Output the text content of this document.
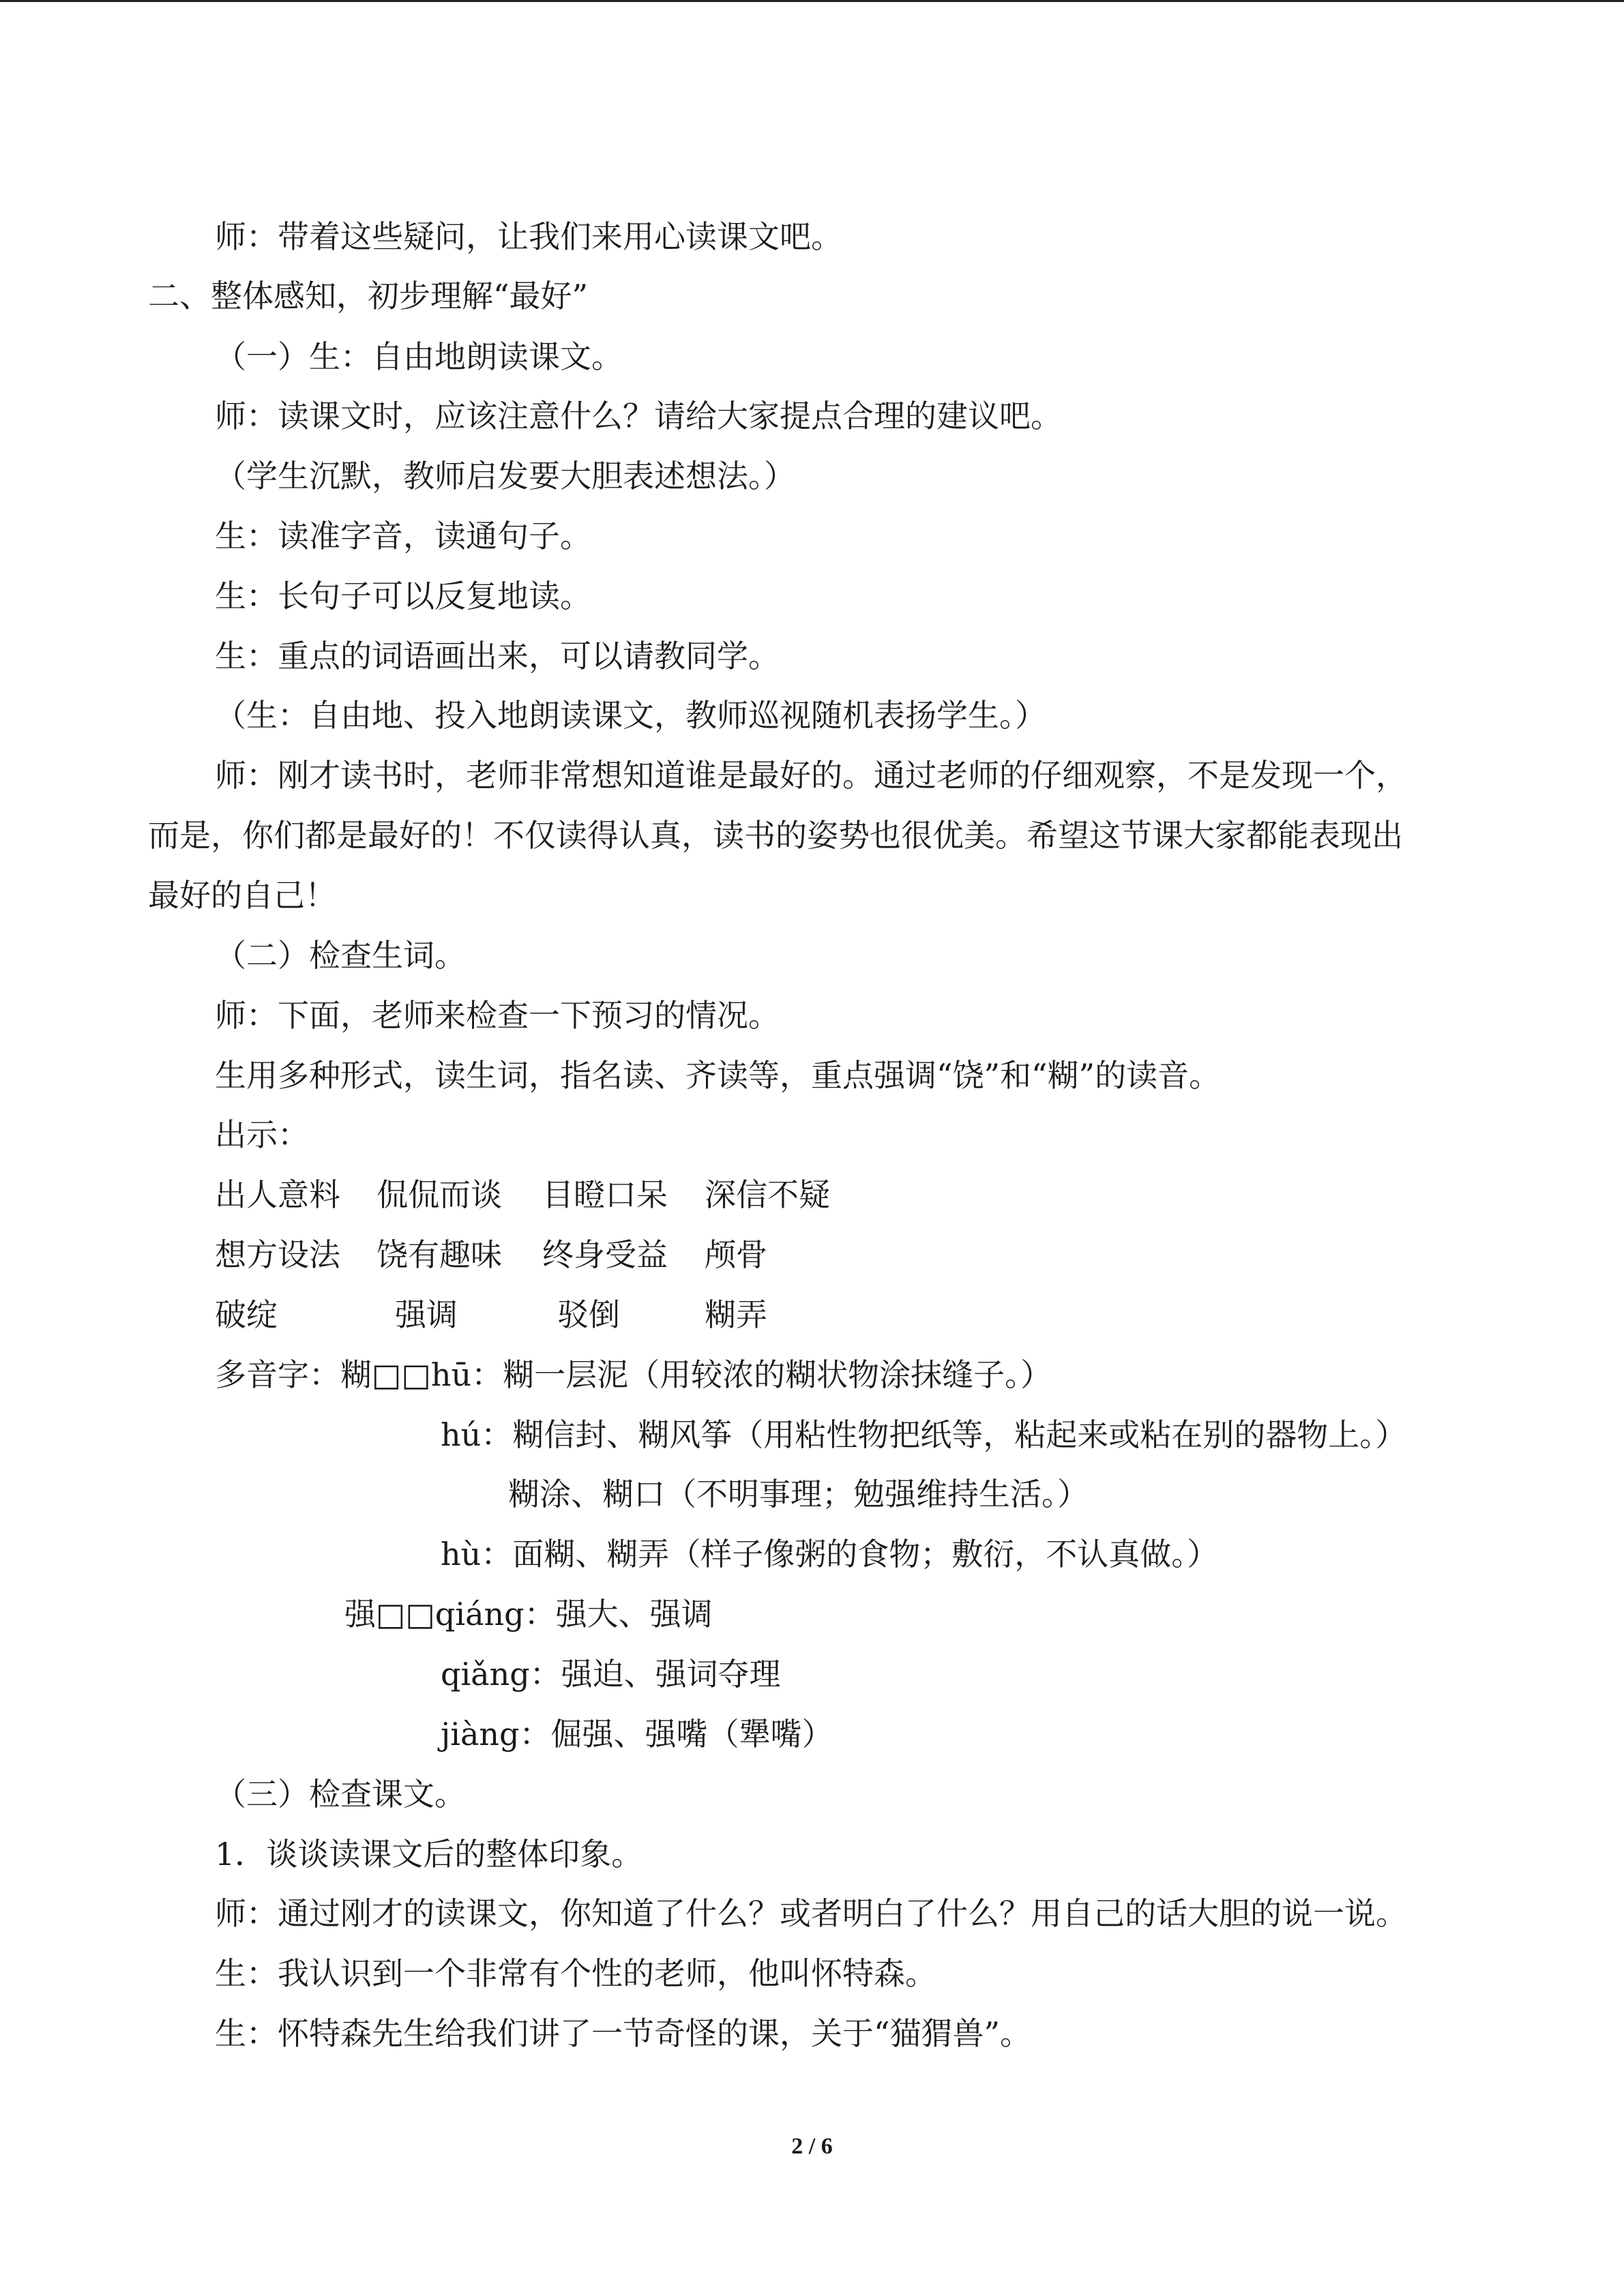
师：带着这些疑问，让我们来用心读课文吧。
二、整体感知，初步理解“最好”
（一）生：自由地朗读课文。
师：读课文时，应该注意什么？请给大家提点合理的建议吧。
（学生沉默，教师启发要大胆表述想法。）
生：读准字音，读通句子。
生：长句子可以反复地读。
生：重点的词语画出来，可以请教同学。
（生：自由地、投入地朗读课文，教师巡视随机表扬学生。）
师：刚才读书时，老师非常想知道谁是最好的。通过老师的仔细观察，不是发现一个，
而是，你们都是最好的！不仅读得认真，读书的姿势也很优美。希望这节课大家都能表现出
最好的自己！
（二）检查生词。
师：下面，老师来检查一下预习的情况。
生用多种形式，读生词，指名读、齐读等，重点强调“饶”和“糊”的读音。
出示：
出人意料 侃侃而谈 目瞪口呆 深信不疑
想方设法 饶有趣味 终身受益 颅骨
破绽	强调	驳倒	糊弄
多音字：糊□□hū：糊一层泥（用较浓的糊状物涂抹缝子。）
hú：糊信封、糊风筝（用粘性物把纸等，粘起来或粘在别的器物上。）
糊涂、糊口（不明事理；勉强维持生活。）
hù：面糊、糊弄（样子像粥的食物；敷衍，不认真做。）
强□□qiáng：强大、强调
qiǎng：强迫、强词夺理
jiàng：倔强、强嘴（犟嘴）
（三）检查课文。
1．谈谈读课文后的整体印象。
师：通过刚才的读课文，你知道了什么？或者明白了什么？用自己的话大胆的说一说。
生：我认识到一个非常有个性的老师，他叫怀特森。
生：怀特森先生给我们讲了一节奇怪的课，关于“猫猬兽”。
2 / 6
